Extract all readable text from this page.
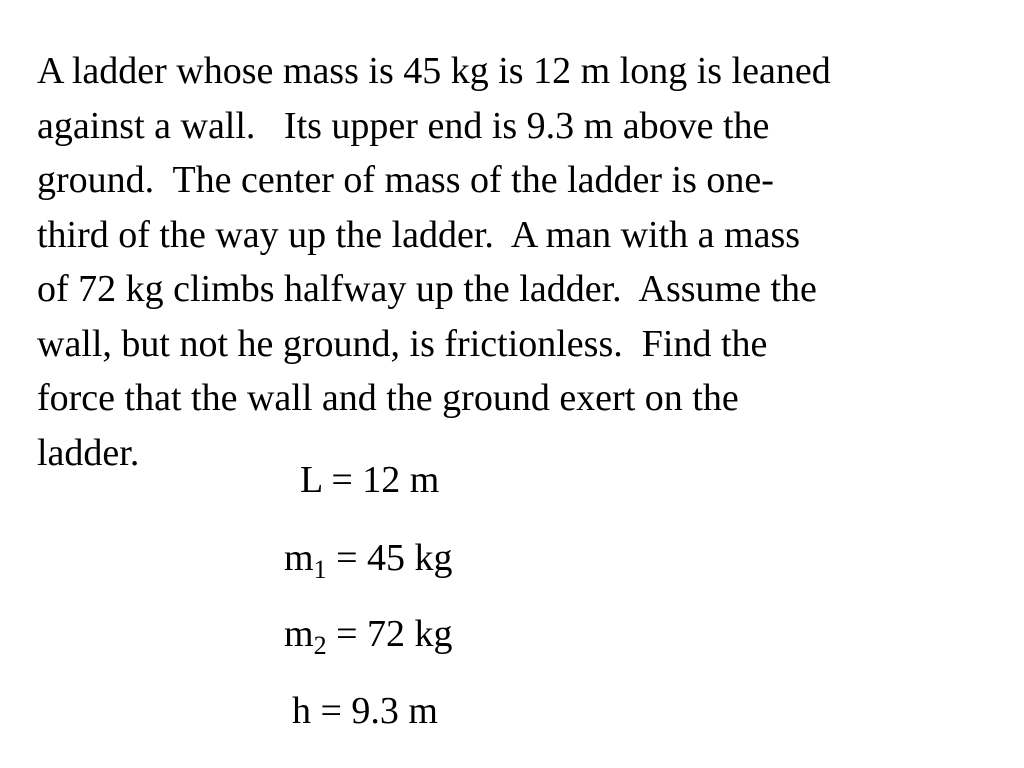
A ladder whose mass is 45 kg is 12 m long is leaned
against a wall.   Its upper end is 9.3 m above the
ground.  The center of mass of the ladder is one-
third of the way up the ladder.  A man with a mass
of 72 kg climbs halfway up the ladder.  Assume the
wall, but not he ground, is frictionless.  Find the
force that the wall and the ground exert on the
ladder.
L = 12 m
$m_1 = 45$ kg
$m_2 = 72$ kg
h = 9.3 m
